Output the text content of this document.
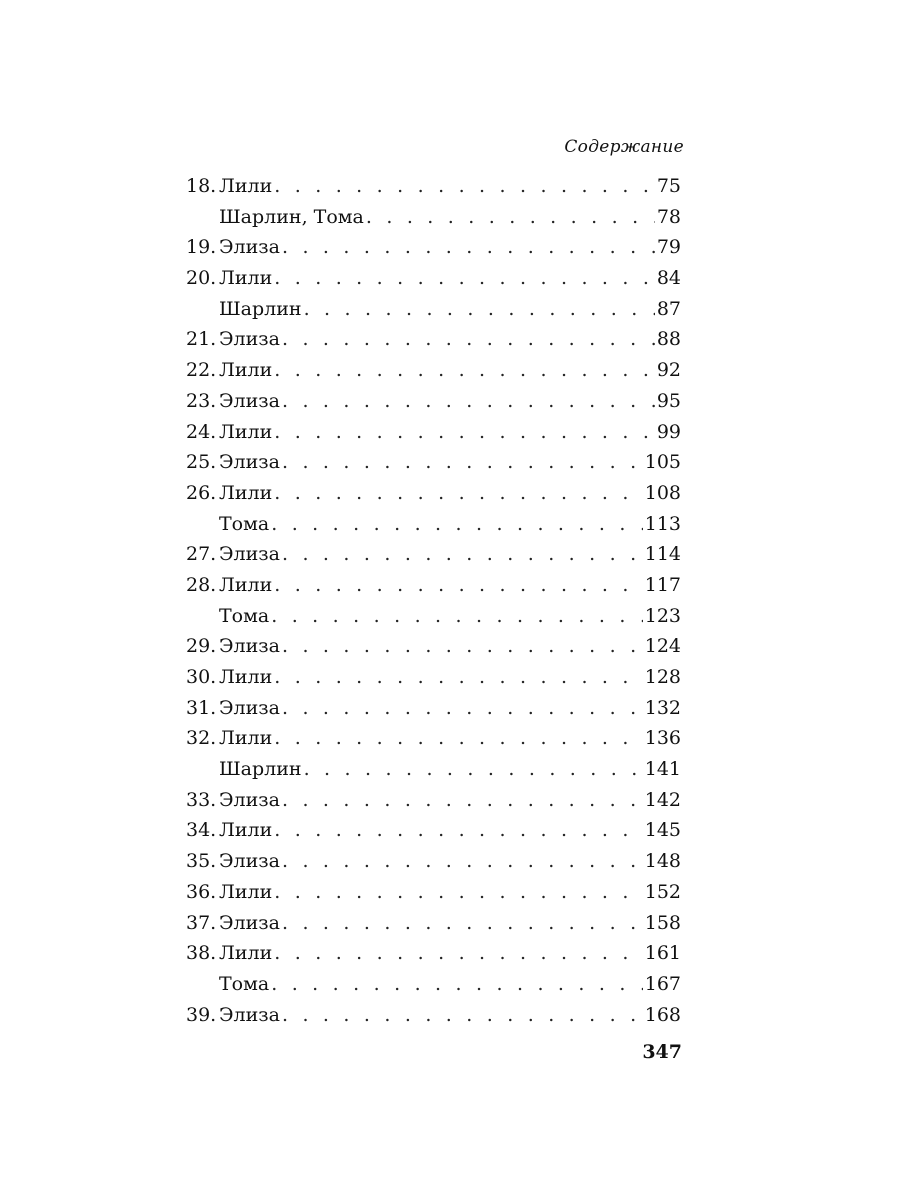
Содержание
18. Лили . . .	75
Шарлин, Тома . . .	78
19. Элиза . . .	79
20. Лили . . .	84
Шарлин . . .	87
21. Элиза . . .	88
22. Лили . . .	92
23. Элиза . . .	95
24. Лили . . .	99
25. Элиза . . .	105
26. Лили . . .	108
Тома . . .	113
27. Элиза . . .	114
28. Лили . . .	117
Тома . . .	123
29. Элиза . . .	124
30. Лили . . .	128
31. Элиза . . .	132
32. Лили . . .	136
Шарлин . . .	141
33. Элиза . . .	142
34. Лили . . .	145
35. Элиза . . .	148
36. Лили . . .	152
37. Элиза . . .	158
38. Лили . . .	161
Тома . . .	167
39. Элиза . . .	168
347
